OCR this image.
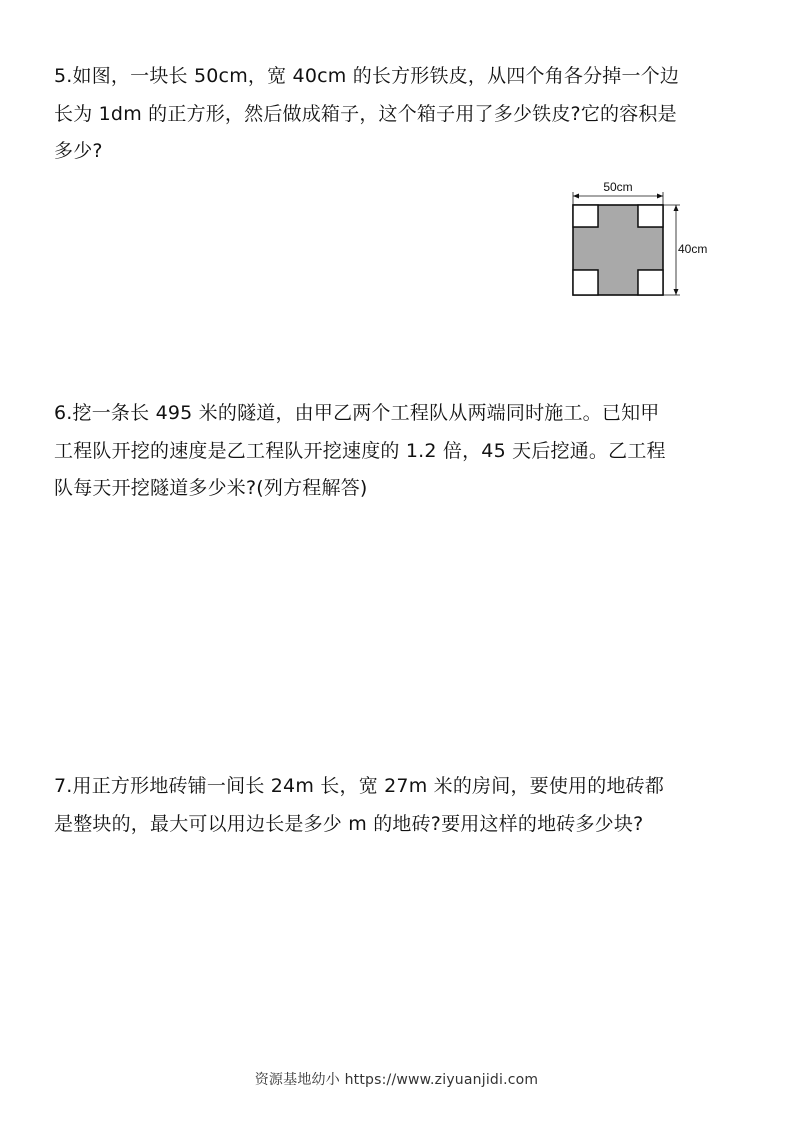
5.如图，一块长 50cm，宽 40cm 的长方形铁皮，从四个角各分掉一个边

长为 1dm 的正方形，然后做成箱子，这个箱子用了多少铁皮?它的容积是

多少?

50cm
40cm

6.挖一条长 495 米的隧道，由甲乙两个工程队从两端同时施工。已知甲

工程队开挖的速度是乙工程队开挖速度的 1.2 倍，45 天后挖通。乙工程

队每天开挖隧道多少米?(列方程解答)

7.用正方形地砖铺一间长 24m 长，宽 27m 米的房间，要使用的地砖都

是整块的，最大可以用边长是多少 m 的地砖?要用这样的地砖多少块?

资源基地幼小 https://www.ziyuanjidi.com
